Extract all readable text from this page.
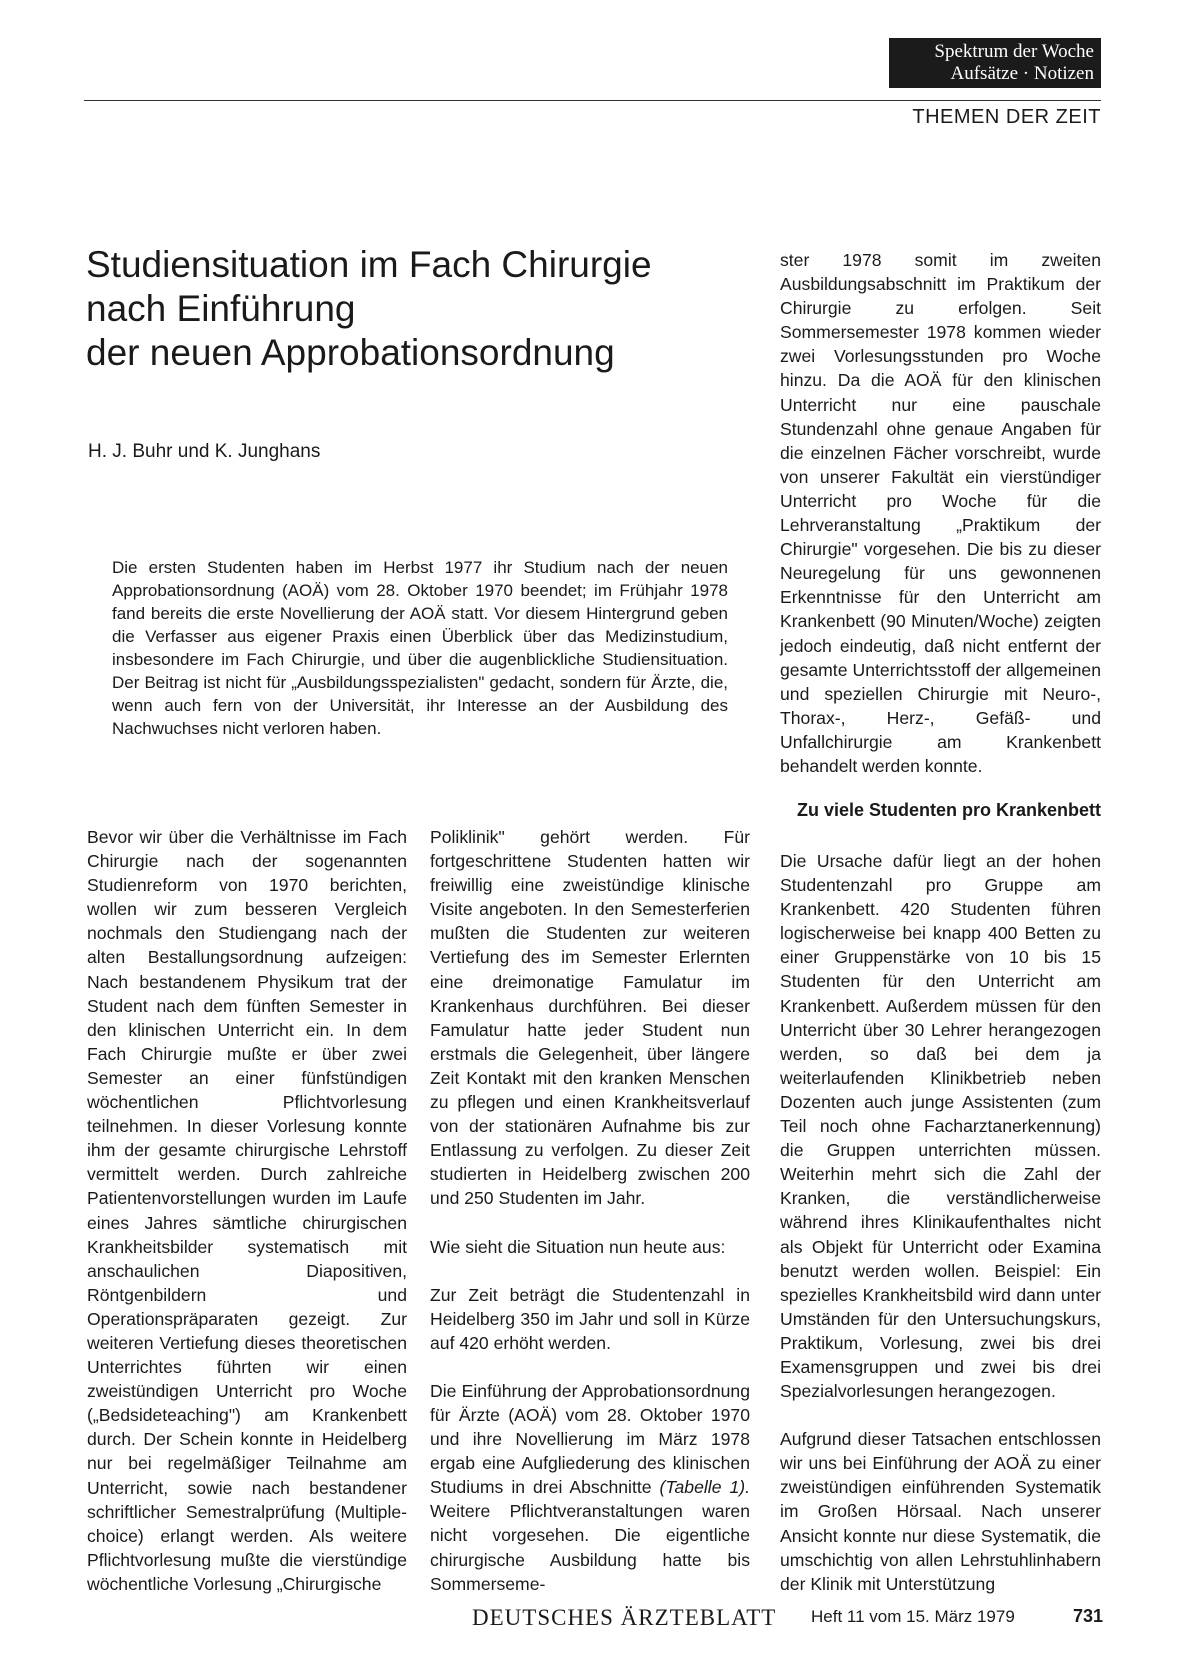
Spektrum der Woche
Aufsätze · Notizen
THEMEN DER ZEIT
Studiensituation im Fach Chirurgie
nach Einführung
der neuen Approbationsordnung
H. J. Buhr und K. Junghans

Die ersten Studenten haben im Herbst 1977 ihr Studium nach der neuen Approbationsordnung (AOÄ) vom 28. Oktober 1970 beendet; im Frühjahr 1978 fand bereits die erste Novellierung der AOÄ statt. Vor diesem Hintergrund geben die Verfasser aus eigener Praxis einen Überblick über das Medizinstudium, insbesondere im Fach Chirurgie, und über die augenblickliche Studiensituation. Der Beitrag ist nicht für „Ausbildungsspezialisten" gedacht, sondern für Ärzte, die, wenn auch fern von der Universität, ihr Interesse an der Ausbildung des Nachwuchses nicht verloren haben.

Bevor wir über die Verhältnisse im Fach Chirurgie nach der sogenannten Studienreform von 1970 berichten, wollen wir zum besseren Vergleich nochmals den Studiengang nach der alten Bestallungsordnung aufzeigen: Nach bestandenem Physikum trat der Student nach dem fünften Semester in den klinischen Unterricht ein. In dem Fach Chirurgie mußte er über zwei Semester an einer fünfstündigen wöchentlichen Pflichtvorlesung teilnehmen. In dieser Vorlesung konnte ihm der gesamte chirurgische Lehrstoff vermittelt werden. Durch zahlreiche Patientenvorstellungen wurden im Laufe eines Jahres sämtliche chirurgischen Krankheitsbilder systematisch mit anschaulichen Diapositiven, Röntgenbildern und Operationspräparaten gezeigt. Zur weiteren Vertiefung dieses theoretischen Unterrichtes führten wir einen zweistündigen Unterricht pro Woche („Bedsideteaching") am Krankenbett durch. Der Schein konnte in Heidelberg nur bei regelmäßiger Teilnahme am Unterricht, sowie nach bestandener schriftlicher Semestralprüfung (Multiple-choice) erlangt werden. Als weitere Pflichtvorlesung mußte die vierstündige wöchentliche Vorlesung „Chirurgische

Poliklinik" gehört werden. Für fortgeschrittene Studenten hatten wir freiwillig eine zweistündige klinische Visite angeboten. In den Semesterferien mußten die Studenten zur weiteren Vertiefung des im Semester Erlernten eine dreimonatige Famulatur im Krankenhaus durchführen. Bei dieser Famulatur hatte jeder Student nun erstmals die Gelegenheit, über längere Zeit Kontakt mit den kranken Menschen zu pflegen und einen Krankheitsverlauf von der stationären Aufnahme bis zur Entlassung zu verfolgen. Zu dieser Zeit studierten in Heidelberg zwischen 200 und 250 Studenten im Jahr.

Wie sieht die Situation nun heute aus:

Zur Zeit beträgt die Studentenzahl in Heidelberg 350 im Jahr und soll in Kürze auf 420 erhöht werden.

Die Einführung der Approbationsordnung für Ärzte (AOÄ) vom 28. Oktober 1970 und ihre Novellierung im März 1978 ergab eine Aufgliederung des klinischen Studiums in drei Abschnitte (Tabelle 1). Weitere Pflichtveranstaltungen waren nicht vorgesehen. Die eigentliche chirurgische Ausbildung hatte bis Sommerseme-

ster 1978 somit im zweiten Ausbildungsabschnitt im Praktikum der Chirurgie zu erfolgen. Seit Sommersemester 1978 kommen wieder zwei Vorlesungsstunden pro Woche hinzu. Da die AOÄ für den klinischen Unterricht nur eine pauschale Stundenzahl ohne genaue Angaben für die einzelnen Fächer vorschreibt, wurde von unserer Fakultät ein vierstündiger Unterricht pro Woche für die Lehrveranstaltung „Praktikum der Chirurgie" vorgesehen. Die bis zu dieser Neuregelung für uns gewonnenen Erkenntnisse für den Unterricht am Krankenbett (90 Minuten/Woche) zeigten jedoch eindeutig, daß nicht entfernt der gesamte Unterrichtsstoff der allgemeinen und speziellen Chirurgie mit Neuro-, Thorax-, Herz-, Gefäß- und Unfallchirurgie am Krankenbett behandelt werden konnte.

Zu viele Studenten pro Krankenbett

Die Ursache dafür liegt an der hohen Studentenzahl pro Gruppe am Krankenbett. 420 Studenten führen logischerweise bei knapp 400 Betten zu einer Gruppenstärke von 10 bis 15 Studenten für den Unterricht am Krankenbett. Außerdem müssen für den Unterricht über 30 Lehrer herangezogen werden, so daß bei dem ja weiterlaufenden Klinikbetrieb neben Dozenten auch junge Assistenten (zum Teil noch ohne Facharztanerkennung) die Gruppen unterrichten müssen. Weiterhin mehrt sich die Zahl der Kranken, die verständlicherweise während ihres Klinikaufenthaltes nicht als Objekt für Unterricht oder Examina benutzt werden wollen. Beispiel: Ein spezielles Krankheitsbild wird dann unter Umständen für den Untersuchungskurs, Praktikum, Vorlesung, zwei bis drei Examensgruppen und zwei bis drei Spezialvorlesungen herangezogen.

Aufgrund dieser Tatsachen entschlossen wir uns bei Einführung der AOÄ zu einer zweistündigen einführenden Systematik im Großen Hörsaal. Nach unserer Ansicht konnte nur diese Systematik, die umschichtig von allen Lehrstuhlinhabern der Klinik mit Unterstützung

DEUTSCHES ÄRZTEBLATT Heft 11 vom 15. März 1979	731
